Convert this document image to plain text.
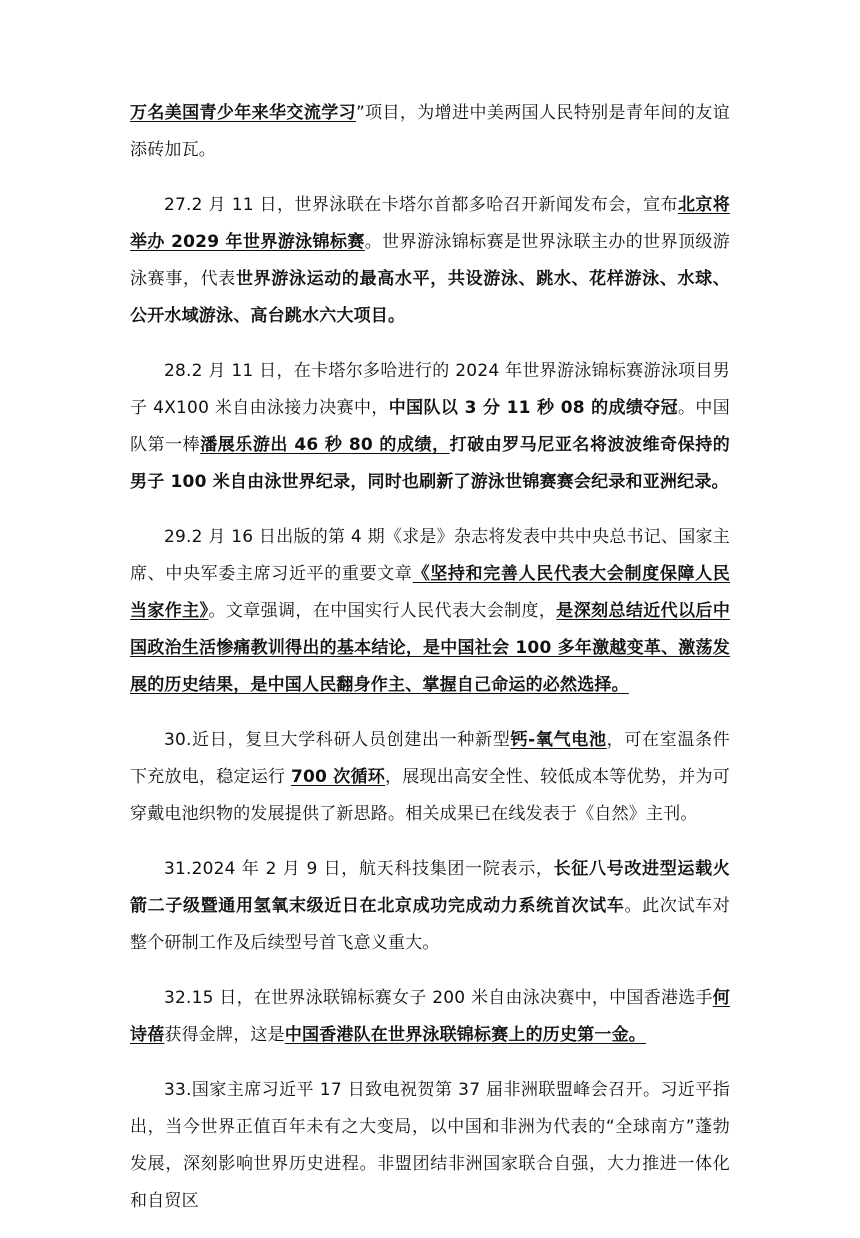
万名美国青少年来华交流学习”项目，为增进中美两国人民特别是青年间的友谊添砖加瓦。

27.2 月 11 日，世界泳联在卡塔尔首都多哈召开新闻发布会，宣布北京将举办 2029 年世界游泳锦标赛。世界游泳锦标赛是世界泳联主办的世界顶级游泳赛事，代表世界游泳运动的最高水平，共设游泳、跳水、花样游泳、水球、公开水域游泳、高台跳水六大项目。

28.2 月 11 日，在卡塔尔多哈进行的 2024 年世界游泳锦标赛游泳项目男子 4X100 米自由泳接力决赛中，中国队以 3 分 11 秒 08 的成绩夺冠。中国队第一棒潘展乐游出 46 秒 80 的成绩，打破由罗马尼亚名将波波维奇保持的男子 100 米自由泳世界纪录，同时也刷新了游泳世锦赛赛会纪录和亚洲纪录。

29.2 月 16 日出版的第 4 期《求是》杂志将发表中共中央总书记、国家主席、中央军委主席习近平的重要文章《坚持和完善人民代表大会制度保障人民当家作主》。文章强调，在中国实行人民代表大会制度，是深刻总结近代以后中国政治生活惨痛教训得出的基本结论，是中国社会 100 多年激越变革、激荡发展的历史结果，是中国人民翻身作主、掌握自己命运的必然选择。

30.近日，复旦大学科研人员创建出一种新型钙-氧气电池，可在室温条件下充放电，稳定运行 700 次循环，展现出高安全性、较低成本等优势，并为可穿戴电池织物的发展提供了新思路。相关成果已在线发表于《自然》主刊。

31.2024 年 2 月 9 日，航天科技集团一院表示，长征八号改进型运载火箭二子级暨通用氢氧末级近日在北京成功完成动力系统首次试车。此次试车对整个研制工作及后续型号首飞意义重大。

32.15 日，在世界泳联锦标赛女子 200 米自由泳决赛中，中国香港选手何诗蓓获得金牌，这是中国香港队在世界泳联锦标赛上的历史第一金。

33.国家主席习近平 17 日致电祝贺第 37 届非洲联盟峰会召开。习近平指出，当今世界正值百年未有之大变局，以中国和非洲为代表的“全球南方”蓬勃发展，深刻影响世界历史进程。非盟团结非洲国家联合自强，大力推进一体化和自贸区
